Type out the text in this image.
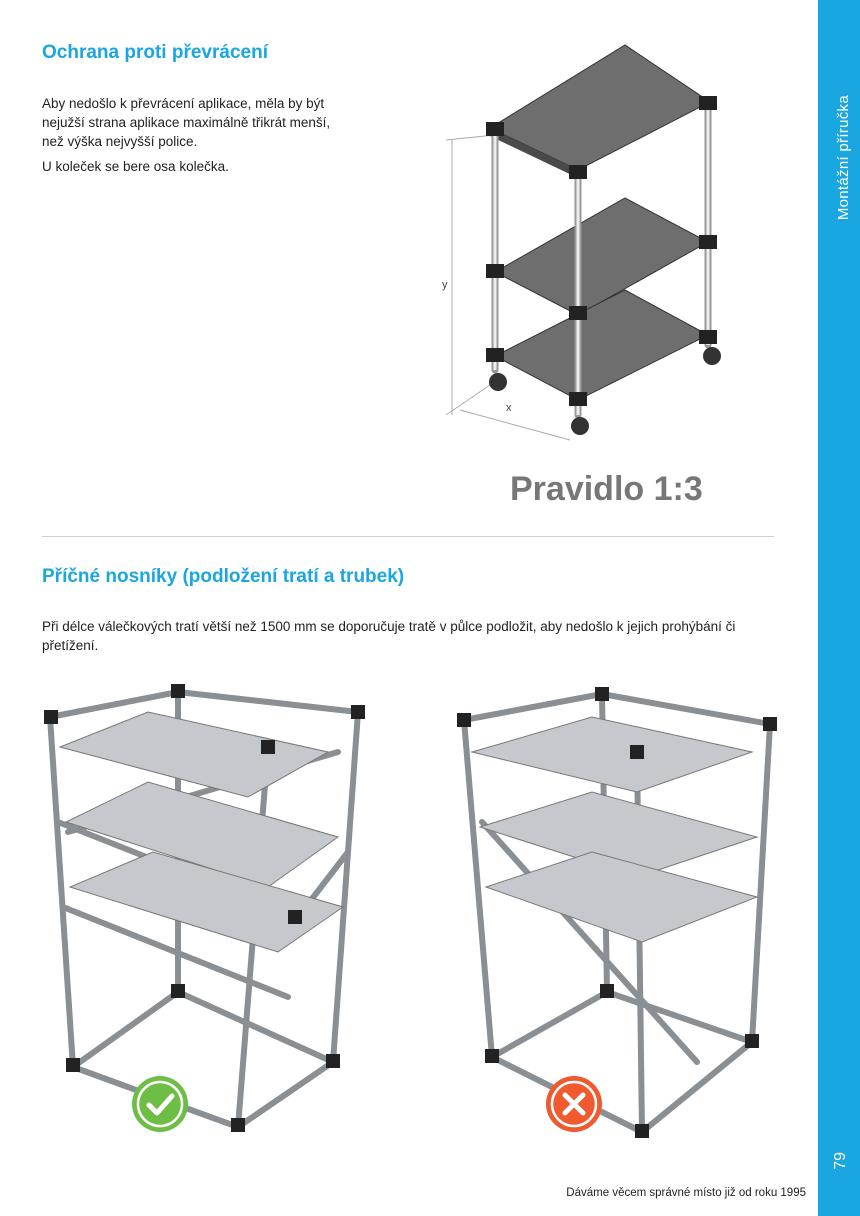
Montážní příručka
79
Ochrana proti převrácení

Aby nedošlo k převrácení aplikace, měla by být nejužší strana aplikace maximálně třikrát menší, než výška nejvyšší police.

U koleček se bere osa kolečka.

y
x
Pravidlo 1:3
Příčné nosníky (podložení tratí a trubek)

Při délce válečkových tratí větší než 1500 mm se doporučuje tratě v půlce podložit, aby nedošlo k jejich prohýbání či přetížení.

Dáváme věcem správné místo již od roku 1995
